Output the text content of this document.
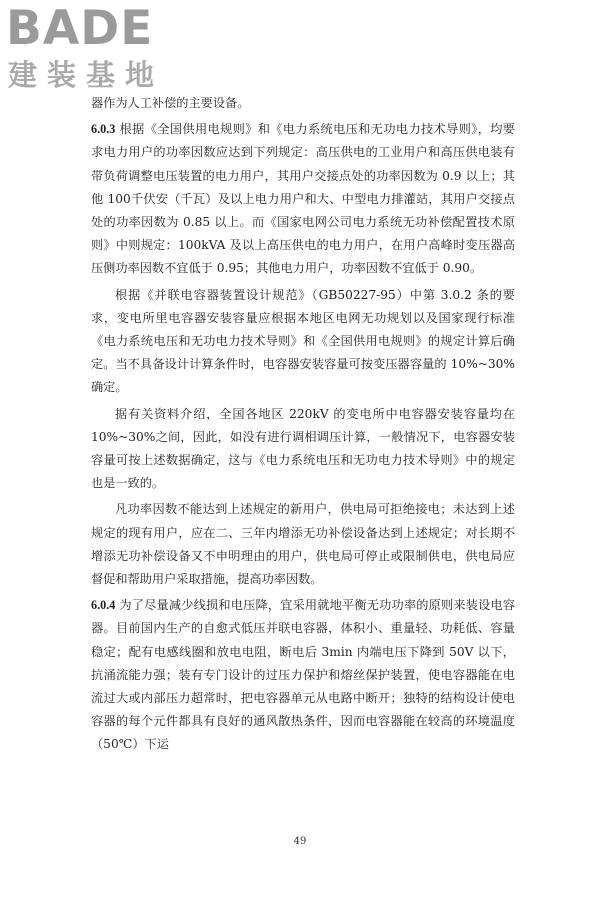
BADE
建装基地

器作为人工补偿的主要设备。

6.0.3 根据《全国供用电规则》和《电力系统电压和无功电力技术导则》，均要求电力用户的功率因数应达到下列规定：高压供电的工业用户和高压供电装有带负荷调整电压装置的电力用户，其用户交接点处的功率因数为 0.9 以上；其他 100千伏安（千瓦）及以上电力用户和大、中型电力排灌站，其用户交接点处的功率因数为 0.85 以上。而《国家电网公司电力系统无功补偿配置技术原则》中则规定：100kVA 及以上高压供电的电力用户，在用户高峰时变压器高压侧功率因数不宜低于 0.95；其他电力用户，功率因数不宜低于 0.90。

根据《并联电容器装置设计规范》（GB50227-95）中第 3.0.2 条的要求，变电所里电容器安装容量应根据本地区电网无功规划以及国家现行标准《电力系统电压和无功电力技术导则》和《全国供用电规则》的规定计算后确定。当不具备设计计算条件时，电容器安装容量可按变压器容量的 10%~30%确定。

据有关资料介绍，全国各地区 220kV 的变电所中电容器安装容量均在 10%~30%之间，因此，如没有进行调相调压计算，一般情况下，电容器安装容量可按上述数据确定，这与《电力系统电压和无功电力技术导则》中的规定也是一致的。

凡功率因数不能达到上述规定的新用户，供电局可拒绝接电；未达到上述规定的现有用户，应在二、三年内增添无功补偿设备达到上述规定；对长期不增添无功补偿设备又不申明理由的用户，供电局可停止或限制供电，供电局应督促和帮助用户采取措施，提高功率因数。

6.0.4 为了尽量减少线损和电压降，宜采用就地平衡无功功率的原则来装设电容器。目前国内生产的自愈式低压并联电容器，体积小、重量轻、功耗低、容量稳定；配有电感线圈和放电电阻，断电后 3min 内端电压下降到 50V 以下，抗涌流能力强；装有专门设计的过压力保护和熔丝保护装置，使电容器能在电流过大或内部压力超常时，把电容器单元从电路中断开；独特的结构设计使电容器的每个元件都具有良好的通风散热条件，因而电容器能在较高的环境温度（50℃）下运

49
